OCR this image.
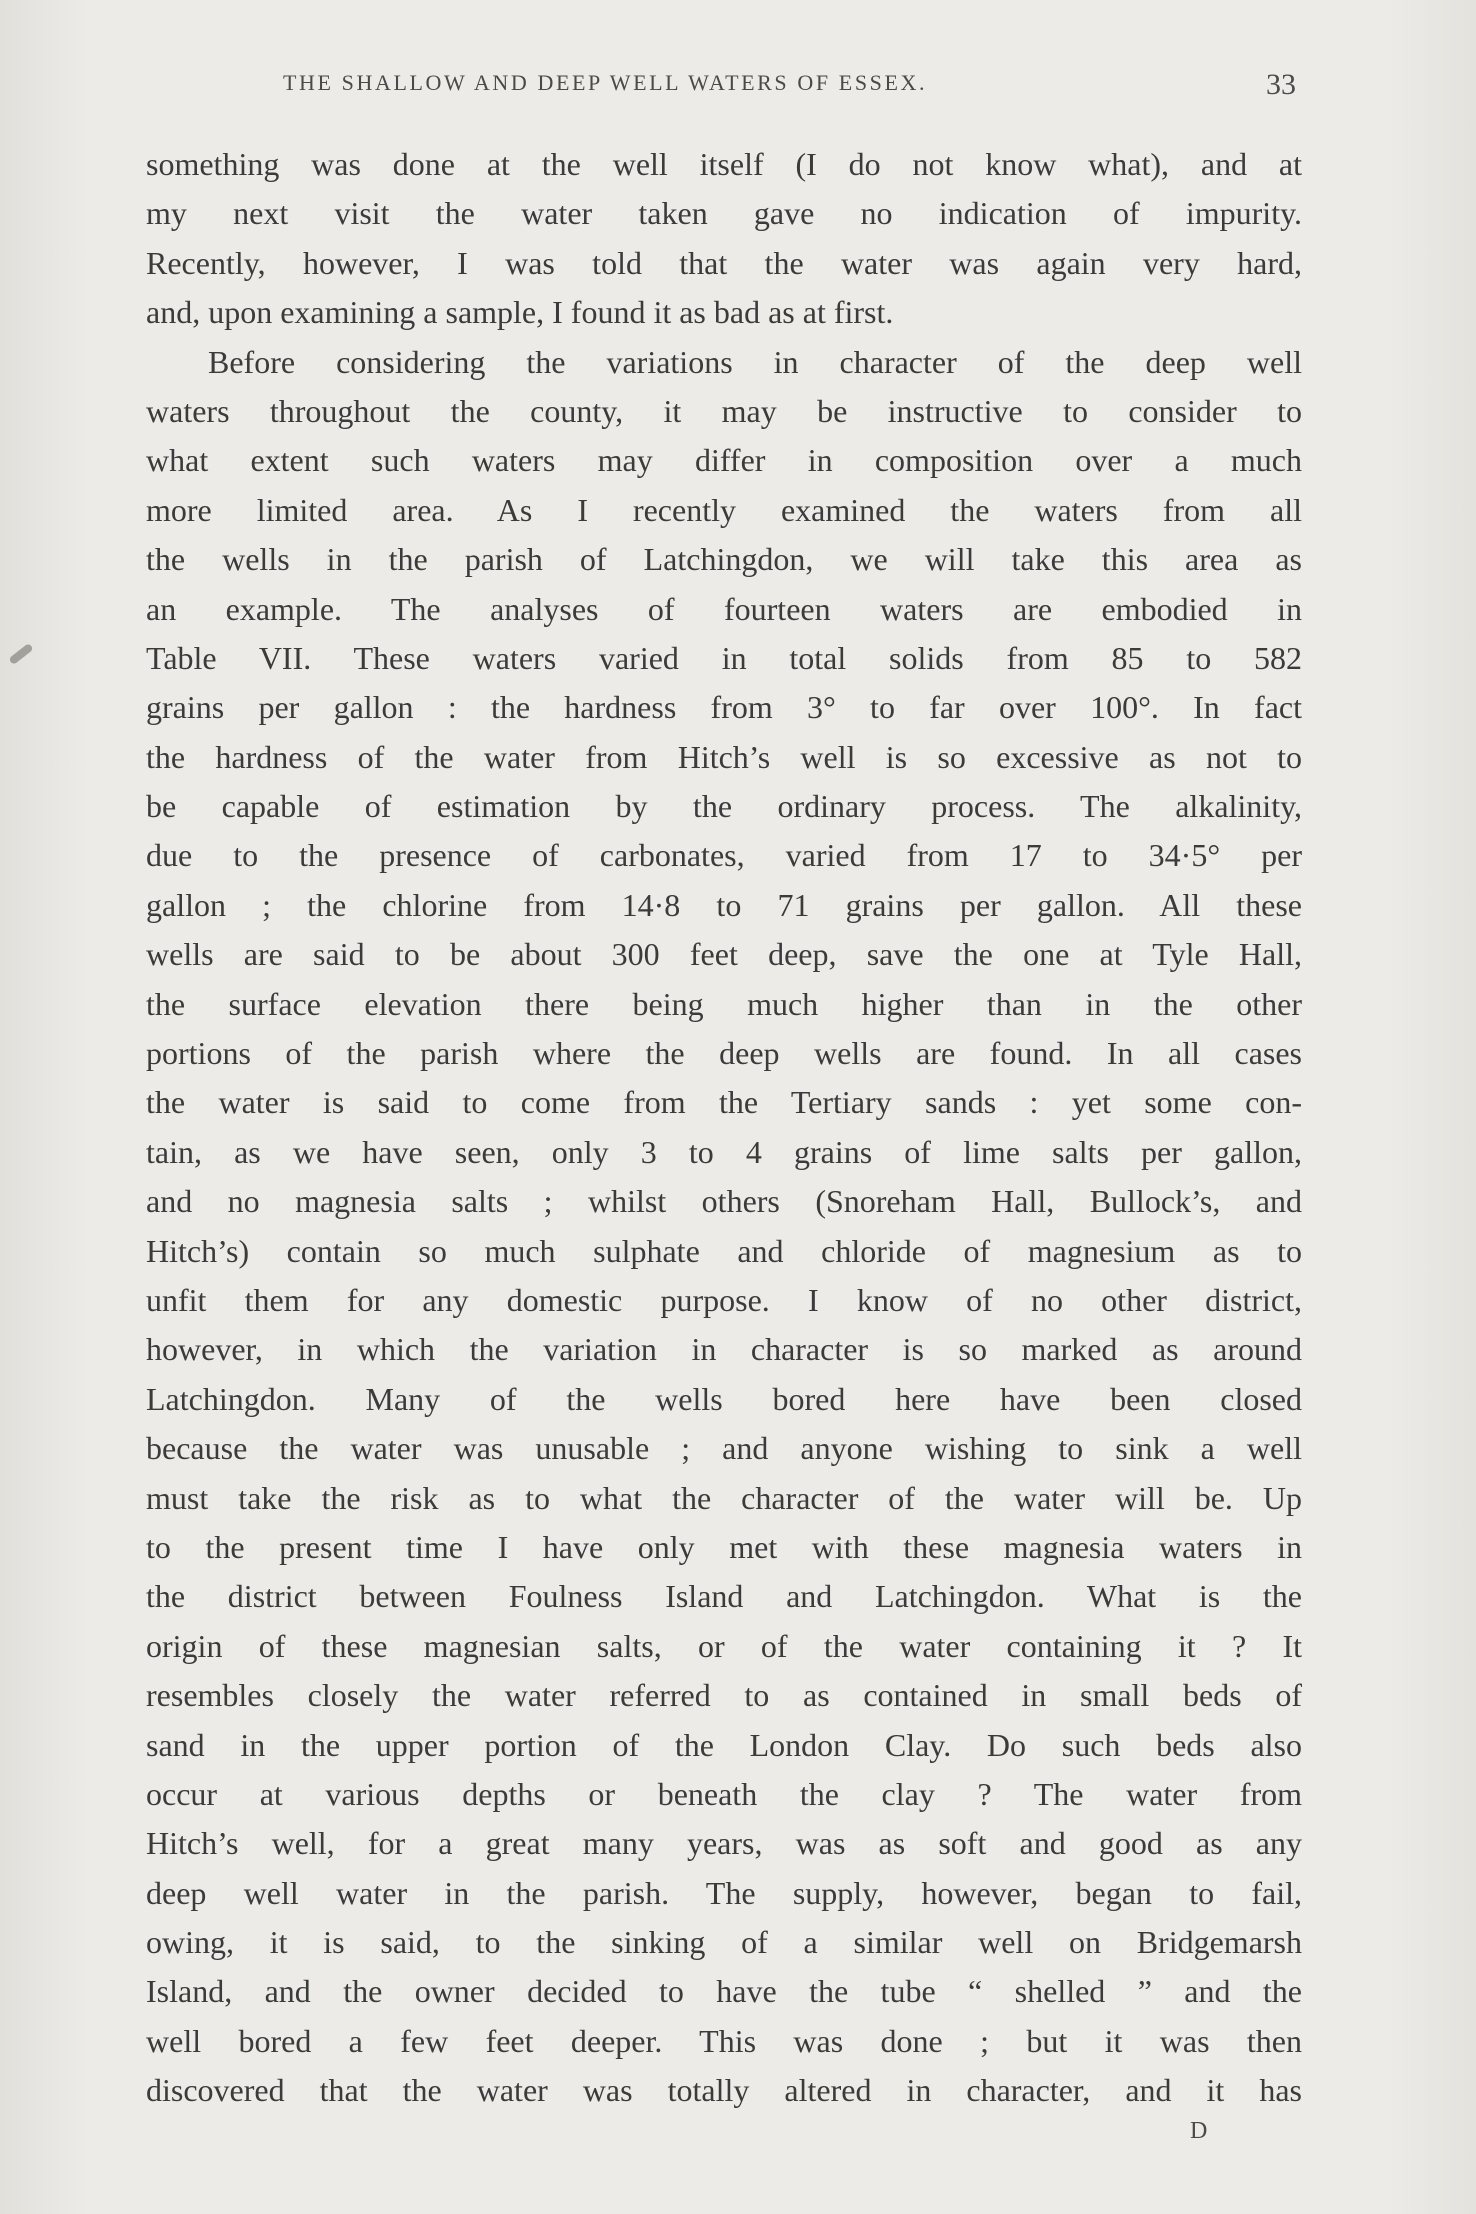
THE SHALLOW AND DEEP WELL WATERS OF ESSEX.	33
something was done at the well itself (I do not know what), and at
my next visit the water taken gave no indication of impurity.
Recently, however, I was told that the water was again very hard,
and, upon examining a sample, I found it as bad as at first.
Before considering the variations in character of the deep well
waters throughout the county, it may be instructive to consider to
what extent such waters may differ in composition over a much
more limited area. As I recently examined the waters from all
the wells in the parish of Latchingdon, we will take this area as
an example. The analyses of fourteen waters are embodied in
Table VII. These waters varied in total solids from 85 to 582
grains per gallon : the hardness from 3° to far over 100°. In fact
the hardness of the water from Hitch’s well is so excessive as not to
be capable of estimation by the ordinary process. The alkalinity,
due to the presence of carbonates, varied from 17 to 34·5° per
gallon ; the chlorine from 14·8 to 71 grains per gallon. All these
wells are said to be about 300 feet deep, save the one at Tyle Hall,
the surface elevation there being much higher than in the other
portions of the parish where the deep wells are found. In all cases
the water is said to come from the Tertiary sands : yet some con-
tain, as we have seen, only 3 to 4 grains of lime salts per gallon,
and no magnesia salts ; whilst others (Snoreham Hall, Bullock’s, and
Hitch’s) contain so much sulphate and chloride of magnesium as to
unfit them for any domestic purpose. I know of no other district,
however, in which the variation in character is so marked as around
Latchingdon. Many of the wells bored here have been closed
because the water was unusable ; and anyone wishing to sink a well
must take the risk as to what the character of the water will be. Up
to the present time I have only met with these magnesia waters in
the district between Foulness Island and Latchingdon. What is the
origin of these magnesian salts, or of the water containing it ? It
resembles closely the water referred to as contained in small beds of
sand in the upper portion of the London Clay. Do such beds also
occur at various depths or beneath the clay ? The water from
Hitch’s well, for a great many years, was as soft and good as any
deep well water in the parish. The supply, however, began to fail,
owing, it is said, to the sinking of a similar well on Bridgemarsh
Island, and the owner decided to have the tube “ shelled ” and the
well bored a few feet deeper. This was done ; but it was then
discovered that the water was totally altered in character, and it has
D
